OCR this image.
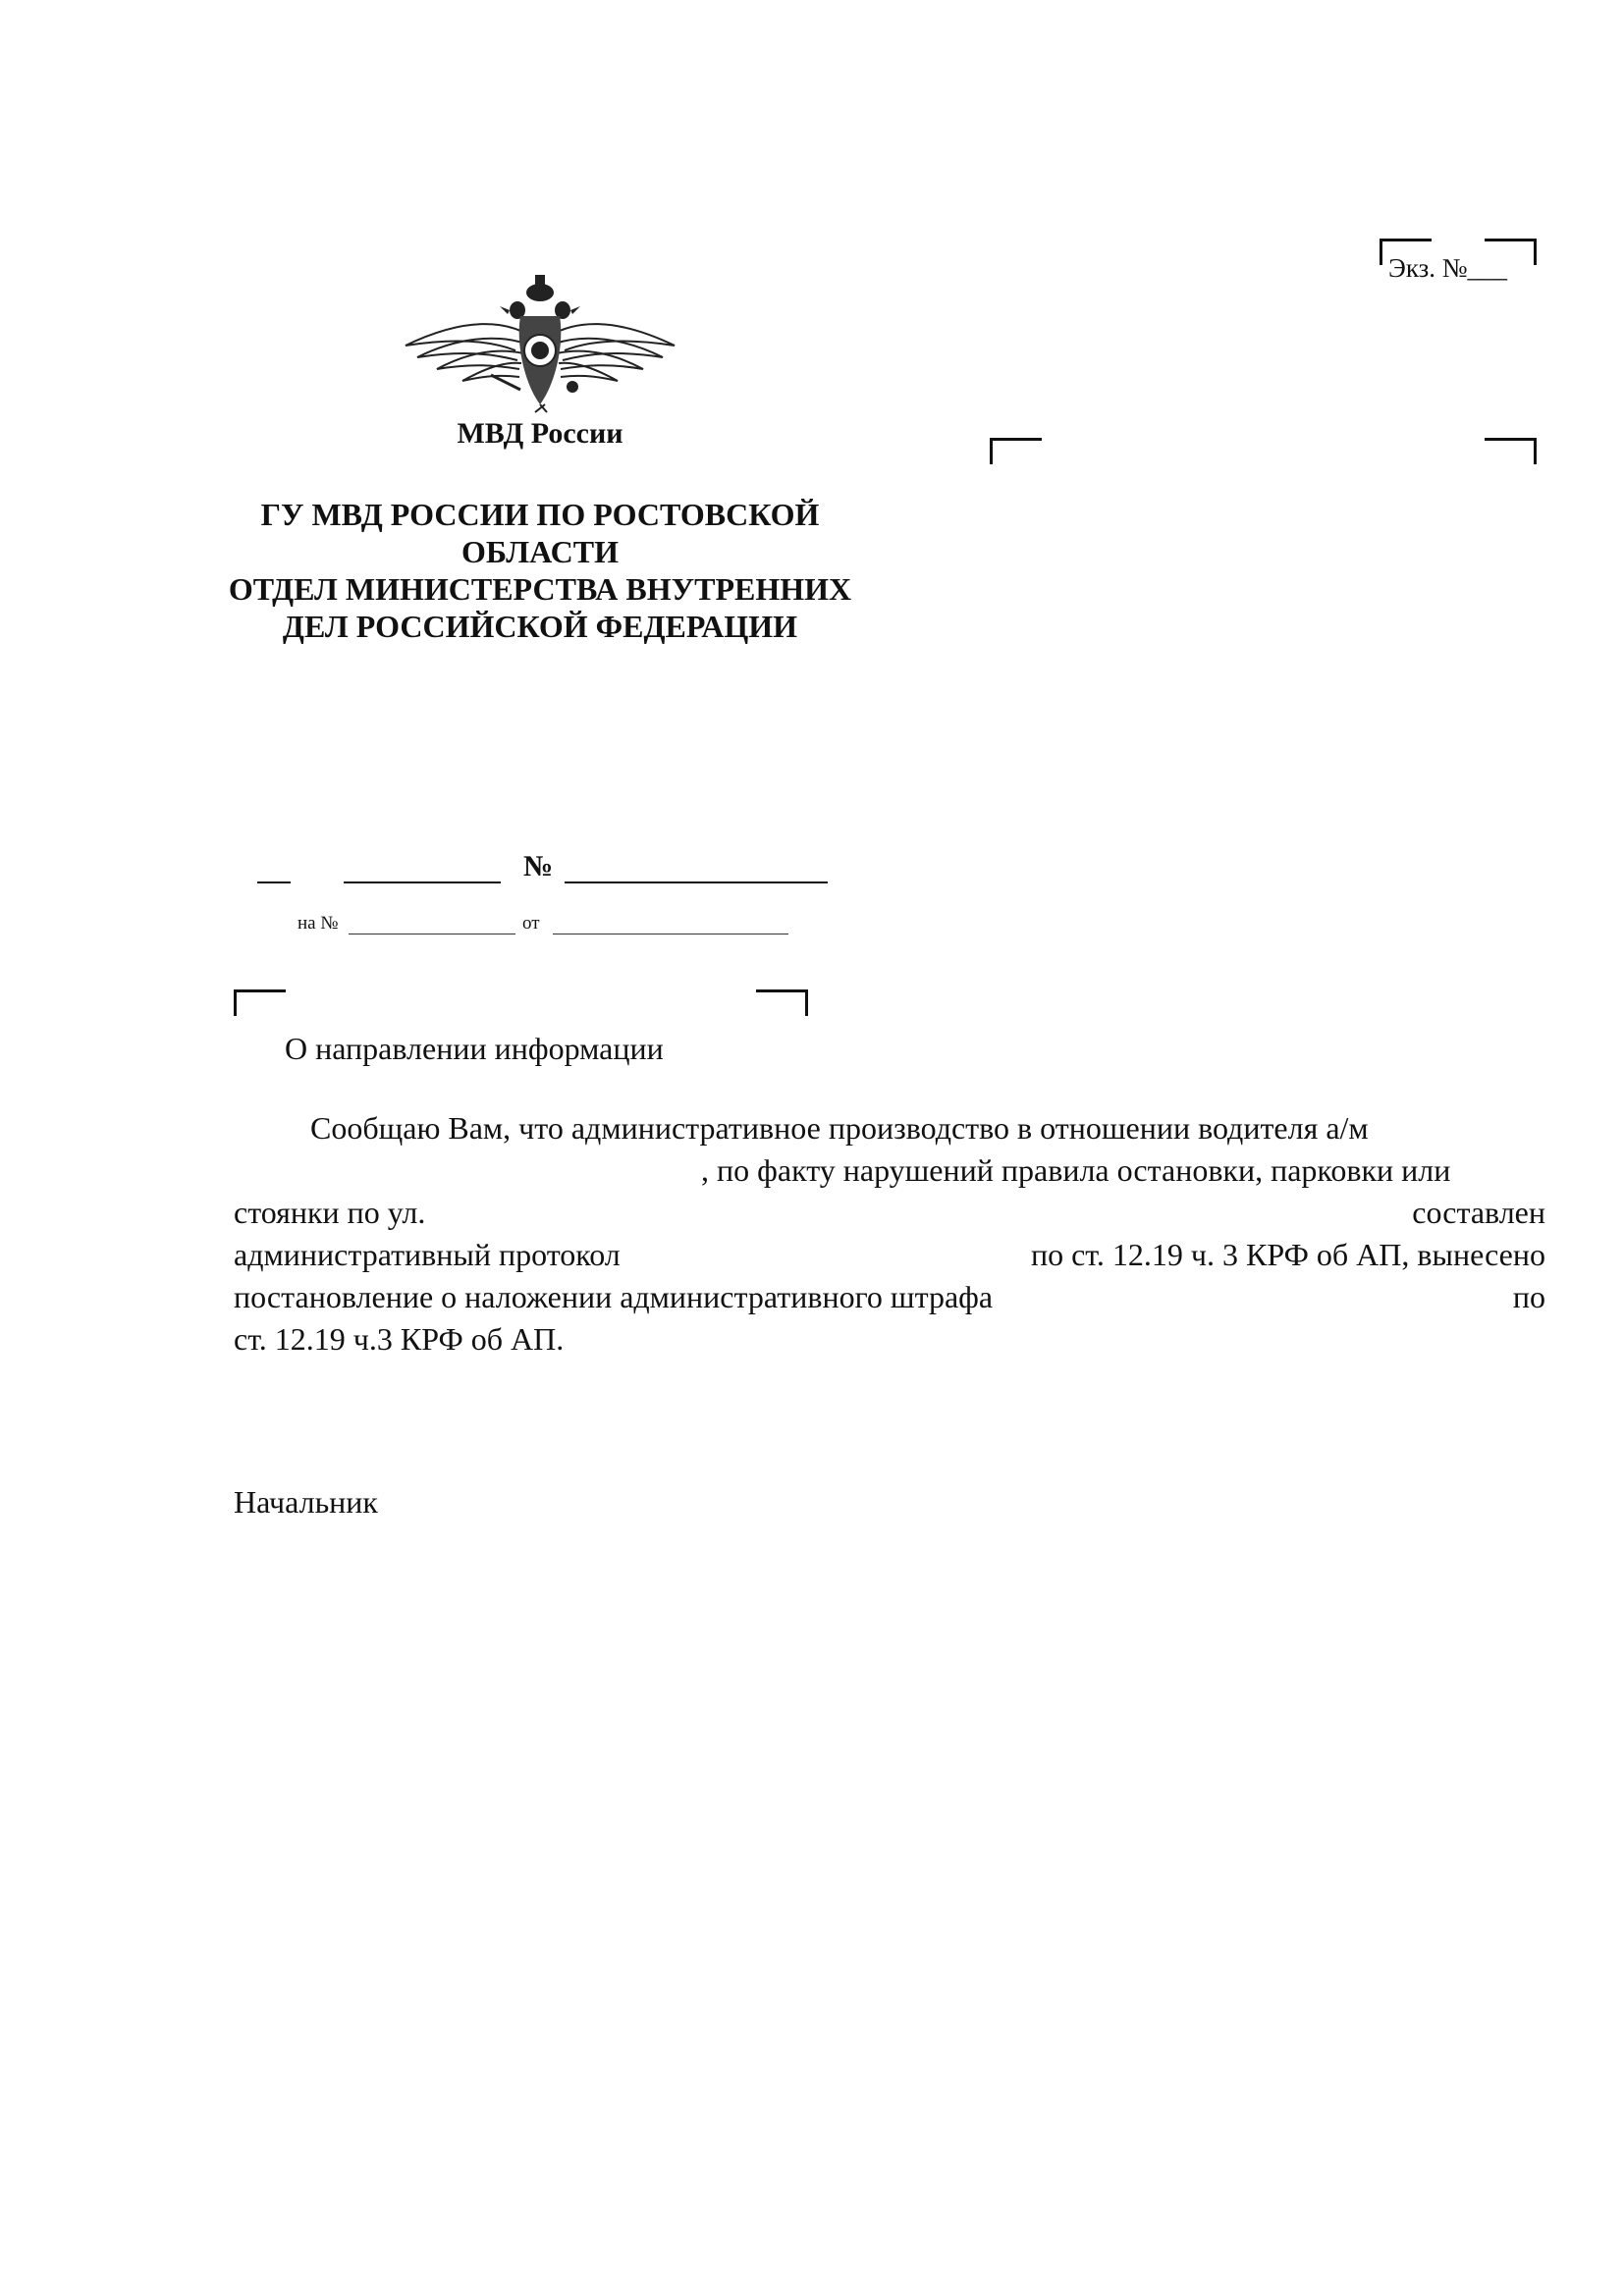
Экз. №___
МВД России
ГУ МВД РОССИИ ПО РОСТОВСКОЙ
ОБЛАСТИ
ОТДЕЛ МИНИСТЕРСТВА ВНУТРЕННИХ
ДЕЛ РОССИЙСКОЙ ФЕДЕРАЦИИ
№
на №	от
О направлении информации
Сообщаю Вам, что административное производство в отношении водителя а/м
, по факту нарушений правила остановки, парковки или
стоянки по ул.	составлен
административный протокол	по ст. 12.19 ч. 3 КРФ об АП, вынесено
постановление о наложении административного штрафа	по
ст. 12.19 ч.3 КРФ об АП.
Начальник
